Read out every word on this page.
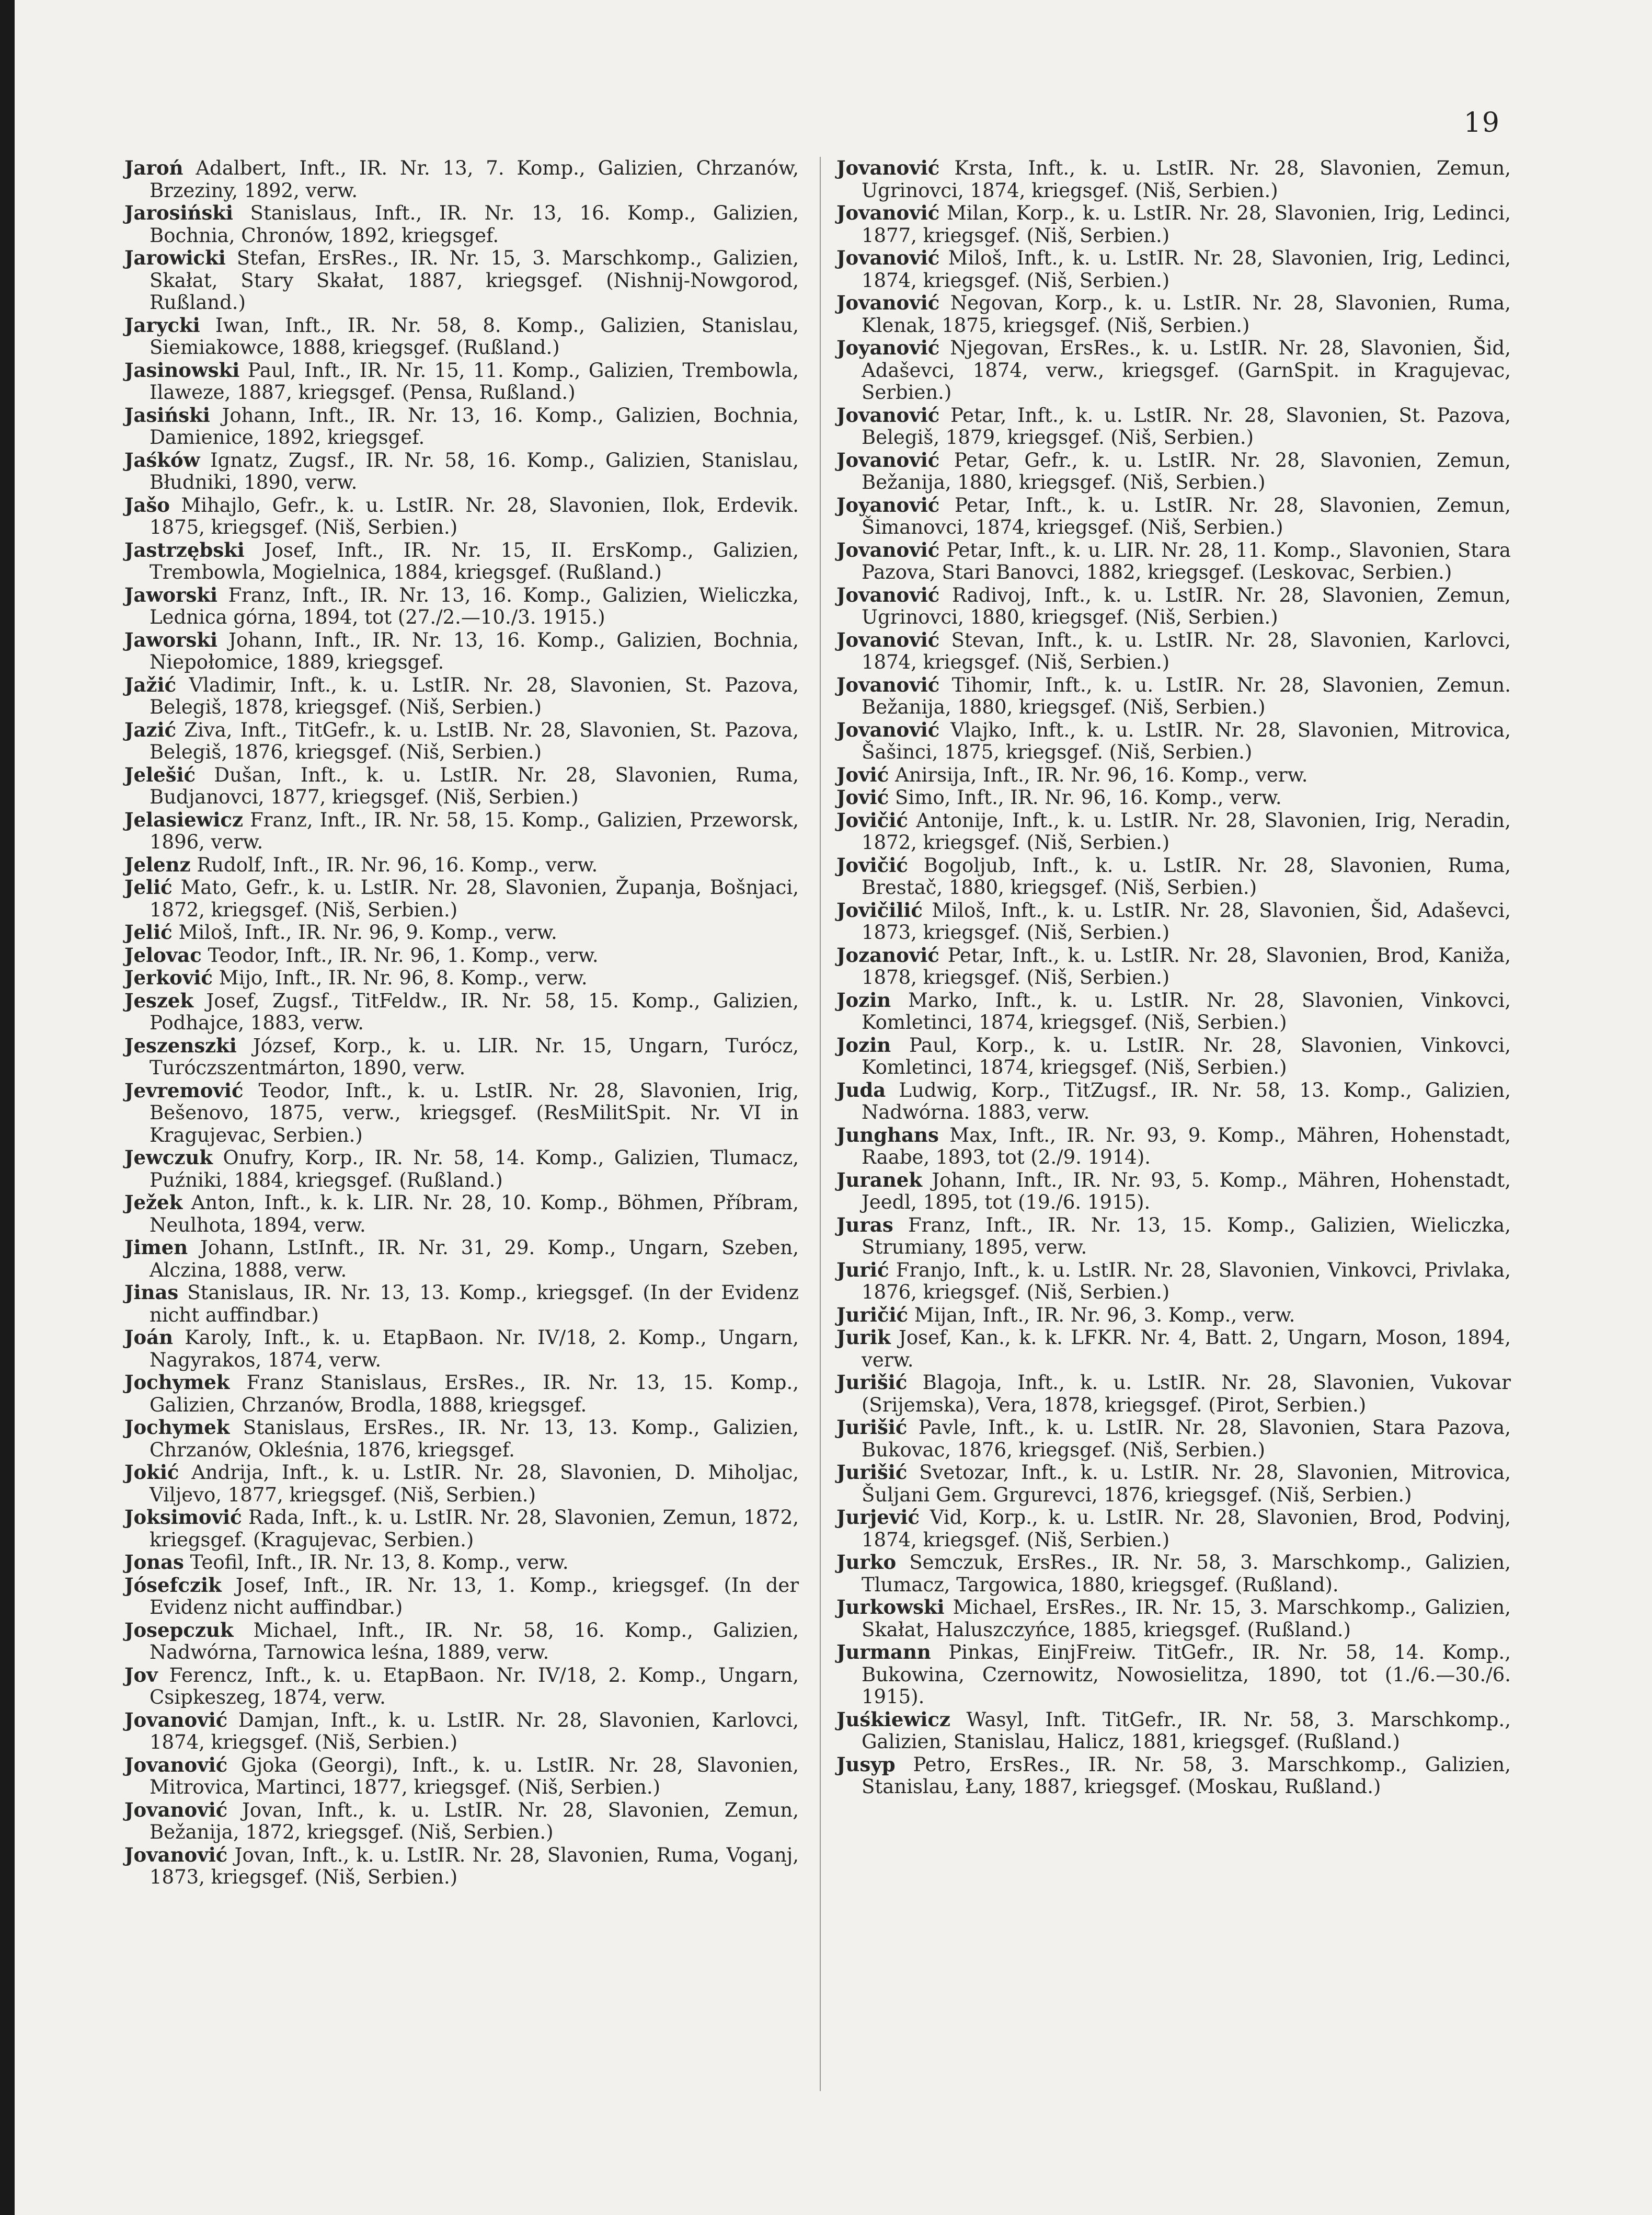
19

Jaroń Adalbert, Inft., IR. Nr. 13, 7. Komp., Galizien, Chrzanów, Brzeziny, 1892, verw.

Jarosiński Stanislaus, Inft., IR. Nr. 13, 16. Komp., Galizien, Bochnia, Chronów, 1892, kriegsgef.

Jarowicki Stefan, ErsRes., IR. Nr. 15, 3. Marschkomp., Galizien, Skałat, Stary Skałat, 1887, kriegsgef. (Nishnij-Nowgorod, Rußland.)

Jarycki Iwan, Inft., IR. Nr. 58, 8. Komp., Galizien, Stanislau, Siemiakowce, 1888, kriegsgef. (Rußland.)

Jasinowski Paul, Inft., IR. Nr. 15, 11. Komp., Galizien, Trembowla, Ilaweze, 1887, kriegsgef. (Pensa, Rußland.)

Jasiński Johann, Inft., IR. Nr. 13, 16. Komp., Galizien, Bochnia, Damienice, 1892, kriegsgef.

Jaśków Ignatz, Zugsf., IR. Nr. 58, 16. Komp., Galizien, Stanislau, Błudniki, 1890, verw.

Jašo Mihajlo, Gefr., k. u. LstIR. Nr. 28, Slavonien, Ilok, Erdevik. 1875, kriegsgef. (Niš, Serbien.)

Jastrzębski Josef, Inft., IR. Nr. 15, II. ErsKomp., Galizien, Trembowla, Mogielnica, 1884, kriegsgef. (Rußland.)

Jaworski Franz, Inft., IR. Nr. 13, 16. Komp., Galizien, Wieliczka, Lednica górna, 1894, tot (27./2.—10./3. 1915.)

Jaworski Johann, Inft., IR. Nr. 13, 16. Komp., Galizien, Bochnia, Niepołomice, 1889, kriegsgef.

Jažić Vladimir, Inft., k. u. LstIR. Nr. 28, Slavonien, St. Pazova, Belegiš, 1878, kriegsgef. (Niš, Serbien.)

Jazić Ziva, Inft., TitGefr., k. u. LstIB. Nr. 28, Slavonien, St. Pazova, Belegiš, 1876, kriegsgef. (Niš, Serbien.)

Jelešić Dušan, Inft., k. u. LstIR. Nr. 28, Slavonien, Ruma, Budjanovci, 1877, kriegsgef. (Niš, Serbien.)

Jelasiewicz Franz, Inft., IR. Nr. 58, 15. Komp., Galizien, Przeworsk, 1896, verw.

Jelenz Rudolf, Inft., IR. Nr. 96, 16. Komp., verw.

Jelić Mato, Gefr., k. u. LstIR. Nr. 28, Slavonien, Županja, Bošnjaci, 1872, kriegsgef. (Niš, Serbien.)

Jelić Miloš, Inft., IR. Nr. 96, 9. Komp., verw.

Jelovac Teodor, Inft., IR. Nr. 96, 1. Komp., verw.

Jerković Mijo, Inft., IR. Nr. 96, 8. Komp., verw.

Jeszek Josef, Zugsf., TitFeldw., IR. Nr. 58, 15. Komp., Galizien, Podhajce, 1883, verw.

Jeszenszki József, Korp., k. u. LIR. Nr. 15, Ungarn, Turócz, Turóczszentmárton, 1890, verw.

Jevremović Teodor, Inft., k. u. LstIR. Nr. 28, Slavonien, Irig, Bešenovo, 1875, verw., kriegsgef. (ResMilitSpit. Nr. VI in Kragujevac, Serbien.)

Jewczuk Onufry, Korp., IR. Nr. 58, 14. Komp., Galizien, Tlumacz, Puźniki, 1884, kriegsgef. (Rußland.)

Ježek Anton, Inft., k. k. LIR. Nr. 28, 10. Komp., Böhmen, Příbram, Neulhota, 1894, verw.

Jimen Johann, LstInft., IR. Nr. 31, 29. Komp., Ungarn, Szeben, Alczina, 1888, verw.

Jinas Stanislaus, IR. Nr. 13, 13. Komp., kriegsgef. (In der Evidenz nicht auffindbar.)

Joán Karoly, Inft., k. u. EtapBaon. Nr. IV/18, 2. Komp., Ungarn, Nagyrakos, 1874, verw.

Jochymek Franz Stanislaus, ErsRes., IR. Nr. 13, 15. Komp., Galizien, Chrzanów, Brodla, 1888, kriegsgef.

Jochymek Stanislaus, ErsRes., IR. Nr. 13, 13. Komp., Galizien, Chrzanów, Okleśnia, 1876, kriegsgef.

Jokić Andrija, Inft., k. u. LstIR. Nr. 28, Slavonien, D. Miholjac, Viljevo, 1877, kriegsgef. (Niš, Serbien.)

Joksimović Rada, Inft., k. u. LstIR. Nr. 28, Slavonien, Zemun, 1872, kriegsgef. (Kragujevac, Serbien.)

Jonas Teofil, Inft., IR. Nr. 13, 8. Komp., verw.

Jósefczik Josef, Inft., IR. Nr. 13, 1. Komp., kriegsgef. (In der Evidenz nicht auffindbar.)

Josepczuk Michael, Inft., IR. Nr. 58, 16. Komp., Galizien, Nadwórna, Tarnowica leśna, 1889, verw.

Jov Ferencz, Inft., k. u. EtapBaon. Nr. IV/18, 2. Komp., Ungarn, Csipkeszeg, 1874, verw.

Jovanović Damjan, Inft., k. u. LstIR. Nr. 28, Slavonien, Karlovci, 1874, kriegsgef. (Niš, Serbien.)

Jovanović Gjoka (Georgi), Inft., k. u. LstIR. Nr. 28, Slavonien, Mitrovica, Martinci, 1877, kriegsgef. (Niš, Serbien.)

Jovanović Jovan, Inft., k. u. LstIR. Nr. 28, Slavonien, Zemun, Bežanija, 1872, kriegsgef. (Niš, Serbien.)

Jovanović Jovan, Inft., k. u. LstIR. Nr. 28, Slavonien, Ruma, Voganj, 1873, kriegsgef. (Niš, Serbien.)

Jovanović Krsta, Inft., k. u. LstIR. Nr. 28, Slavonien, Zemun, Ugrinovci, 1874, kriegsgef. (Niš, Serbien.)

Jovanović Milan, Korp., k. u. LstIR. Nr. 28, Slavonien, Irig, Ledinci, 1877, kriegsgef. (Niš, Serbien.)

Jovanović Miloš, Inft., k. u. LstIR. Nr. 28, Slavonien, Irig, Ledinci, 1874, kriegsgef. (Niš, Serbien.)

Jovanović Negovan, Korp., k. u. LstIR. Nr. 28, Slavonien, Ruma, Klenak, 1875, kriegsgef. (Niš, Serbien.)

Joyanović Njegovan, ErsRes., k. u. LstIR. Nr. 28, Slavonien, Šid, Adaševci, 1874, verw., kriegsgef. (GarnSpit. in Kragujevac, Serbien.)

Jovanović Petar, Inft., k. u. LstIR. Nr. 28, Slavonien, St. Pazova, Belegiš, 1879, kriegsgef. (Niš, Serbien.)

Jovanović Petar, Gefr., k. u. LstIR. Nr. 28, Slavonien, Zemun, Bežanija, 1880, kriegsgef. (Niš, Serbien.)

Joyanović Petar, Inft., k. u. LstIR. Nr. 28, Slavonien, Zemun, Šimanovci, 1874, kriegsgef. (Niš, Serbien.)

Jovanović Petar, Inft., k. u. LIR. Nr. 28, 11. Komp., Slavonien, Stara Pazova, Stari Banovci, 1882, kriegsgef. (Leskovac, Serbien.)

Jovanović Radivoj, Inft., k. u. LstIR. Nr. 28, Slavonien, Zemun, Ugrinovci, 1880, kriegsgef. (Niš, Serbien.)

Jovanović Stevan, Inft., k. u. LstIR. Nr. 28, Slavonien, Karlovci, 1874, kriegsgef. (Niš, Serbien.)

Jovanović Tihomir, Inft., k. u. LstIR. Nr. 28, Slavonien, Zemun. Bežanija, 1880, kriegsgef. (Niš, Serbien.)

Jovanović Vlajko, Inft., k. u. LstIR. Nr. 28, Slavonien, Mitrovica, Šašinci, 1875, kriegsgef. (Niš, Serbien.)

Jović Anirsija, Inft., IR. Nr. 96, 16. Komp., verw.

Jović Simo, Inft., IR. Nr. 96, 16. Komp., verw.

Jovičić Antonije, Inft., k. u. LstIR. Nr. 28, Slavonien, Irig, Neradin, 1872, kriegsgef. (Niš, Serbien.)

Jovičić Bogoljub, Inft., k. u. LstIR. Nr. 28, Slavonien, Ruma, Brestač, 1880, kriegsgef. (Niš, Serbien.)

Jovičilić Miloš, Inft., k. u. LstIR. Nr. 28, Slavonien, Šid, Adaševci, 1873, kriegsgef. (Niš, Serbien.)

Jozanović Petar, Inft., k. u. LstIR. Nr. 28, Slavonien, Brod, Kaniža, 1878, kriegsgef. (Niš, Serbien.)

Jozin Marko, Inft., k. u. LstIR. Nr. 28, Slavonien, Vinkovci, Komletinci, 1874, kriegsgef. (Niš, Serbien.)

Jozin Paul, Korp., k. u. LstIR. Nr. 28, Slavonien, Vinkovci, Komletinci, 1874, kriegsgef. (Niš, Serbien.)

Juda Ludwig, Korp., TitZugsf., IR. Nr. 58, 13. Komp., Galizien, Nadwórna. 1883, verw.

Junghans Max, Inft., IR. Nr. 93, 9. Komp., Mähren, Hohenstadt, Raabe, 1893, tot (2./9. 1914).

Juranek Johann, Inft., IR. Nr. 93, 5. Komp., Mähren, Hohenstadt, Jeedl, 1895, tot (19./6. 1915).

Juras Franz, Inft., IR. Nr. 13, 15. Komp., Galizien, Wieliczka, Strumiany, 1895, verw.

Jurić Franjo, Inft., k. u. LstIR. Nr. 28, Slavonien, Vinkovci, Privlaka, 1876, kriegsgef. (Niš, Serbien.)

Juričić Mijan, Inft., IR. Nr. 96, 3. Komp., verw.

Jurik Josef, Kan., k. k. LFKR. Nr. 4, Batt. 2, Ungarn, Moson, 1894, verw.

Jurišić Blagoja, Inft., k. u. LstIR. Nr. 28, Slavonien, Vukovar (Srijemska), Vera, 1878, kriegsgef. (Pirot, Serbien.)

Jurišić Pavle, Inft., k. u. LstIR. Nr. 28, Slavonien, Stara Pazova, Bukovac, 1876, kriegsgef. (Niš, Serbien.)

Jurišić Svetozar, Inft., k. u. LstIR. Nr. 28, Slavonien, Mitrovica, Šuljani Gem. Grgurevci, 1876, kriegsgef. (Niš, Serbien.)

Jurjević Vid, Korp., k. u. LstIR. Nr. 28, Slavonien, Brod, Podvinj, 1874, kriegsgef. (Niš, Serbien.)

Jurko Semczuk, ErsRes., IR. Nr. 58, 3. Marschkomp., Galizien, Tlumacz, Targowica, 1880, kriegsgef. (Rußland).

Jurkowski Michael, ErsRes., IR. Nr. 15, 3. Marschkomp., Galizien, Skałat, Haluszczyńce, 1885, kriegsgef. (Rußland.)

Jurmann Pinkas, EinjFreiw. TitGefr., IR. Nr. 58, 14. Komp., Bukowina, Czernowitz, Nowosielitza, 1890, tot (1./6.—30./6. 1915).

Juśkiewicz Wasyl, Inft. TitGefr., IR. Nr. 58, 3. Marschkomp., Galizien, Stanislau, Halicz, 1881, kriegsgef. (Rußland.)

Jusyp Petro, ErsRes., IR. Nr. 58, 3. Marschkomp., Galizien, Stanislau, Łany, 1887, kriegsgef. (Moskau, Rußland.)
